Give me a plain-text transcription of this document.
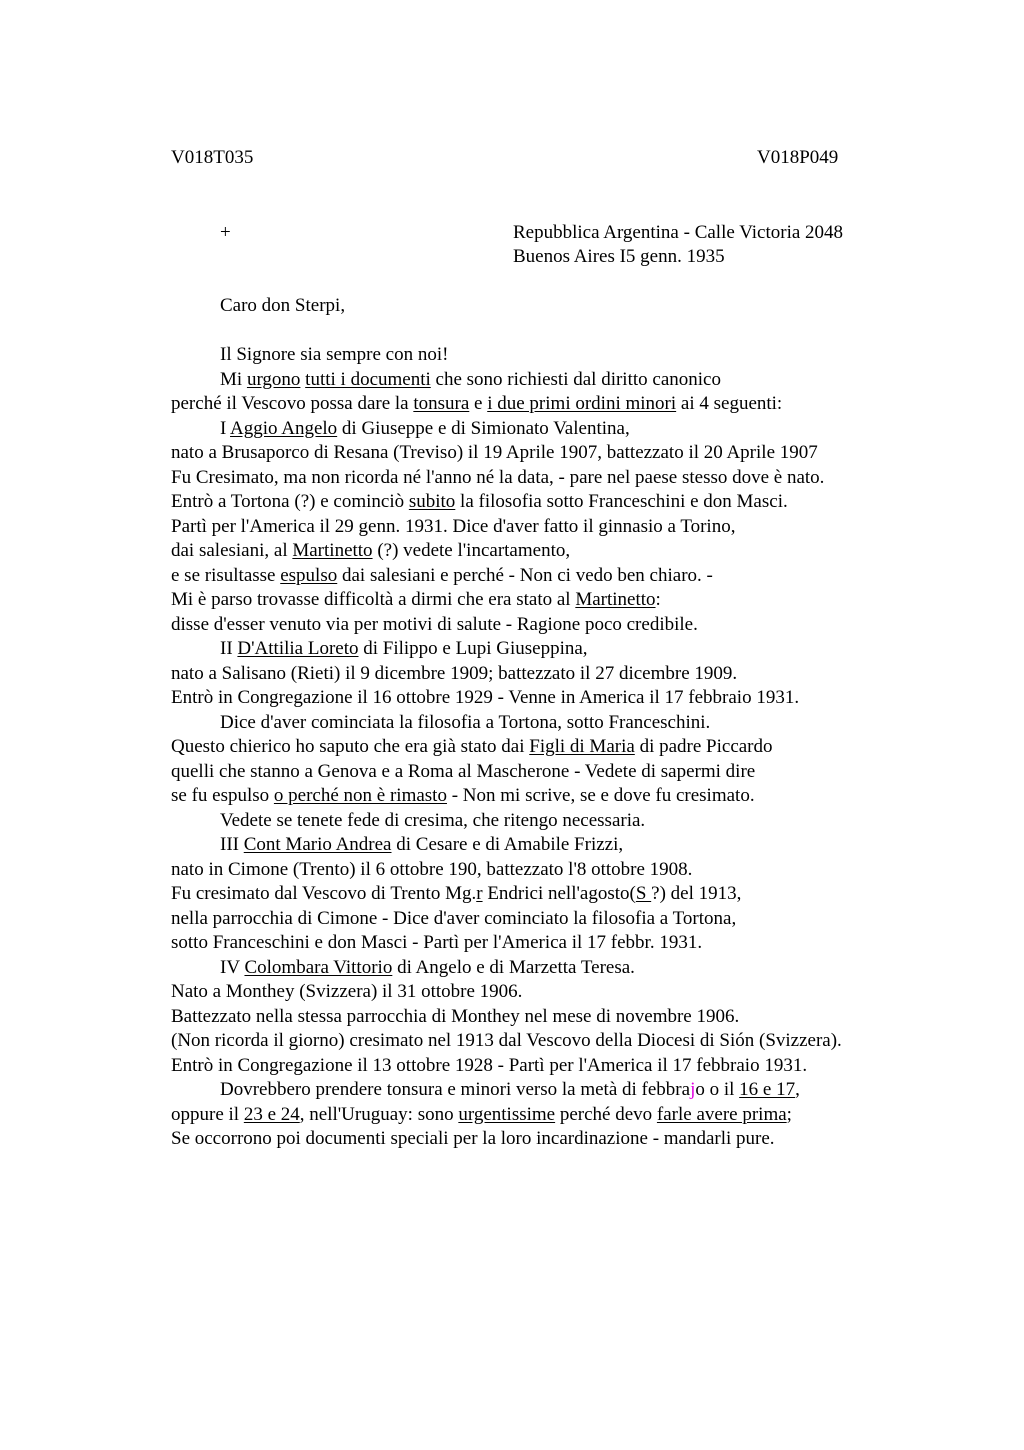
V018T035	V018P049
+	Repubblica Argentina - Calle Victoria 2048
Buenos Aires I5 genn. 1935
Caro don Sterpi,
Il Signore sia sempre con noi!
Mi urgono tutti i documenti che sono richiesti dal diritto canonico
perché il Vescovo possa dare la tonsura e i due primi ordini minori ai 4 seguenti:
I Aggio Angelo di Giuseppe e di Simionato Valentina,
nato a Brusaporco di Resana (Treviso) il 19 Aprile 1907, battezzato il 20 Aprile 1907
Fu Cresimato, ma non ricorda né l'anno né la data, - pare nel paese stesso dove è nato.
Entrò a Tortona (?) e cominciò subito la filosofia sotto Franceschini e don Masci.
Partì per l'America il 29 genn. 1931. Dice d'aver fatto il ginnasio a Torino,
dai salesiani, al Martinetto (?) vedete l'incartamento,
e se risultasse espulso dai salesiani e perché - Non ci vedo ben chiaro. -
Mi è parso trovasse difficoltà a dirmi che era stato al Martinetto:
disse d'esser venuto via per motivi di salute - Ragione poco credibile.
II D'Attilia Loreto di Filippo e Lupi Giuseppina,
nato a Salisano (Rieti) il 9 dicembre 1909; battezzato il 27 dicembre 1909.
Entrò in Congregazione il 16 ottobre 1929 - Venne in America il 17 febbraio 1931.
Dice d'aver cominciata la filosofia a Tortona, sotto Franceschini.
Questo chierico ho saputo che era già stato dai Figli di Maria di padre Piccardo
quelli che stanno a Genova e a Roma al Mascherone - Vedete di sapermi dire
se fu espulso o perché non è rimasto - Non mi scrive, se e dove fu cresimato.
Vedete se tenete fede di cresima, che ritengo necessaria.
III Cont Mario Andrea di Cesare e di Amabile Frizzi,
nato in Cimone (Trento) il 6 ottobre 190, battezzato l'8 ottobre 1908.
Fu cresimato dal Vescovo di Trento Mg.r Endrici nell'agosto(S ?) del 1913,
nella parrocchia di Cimone - Dice d'aver cominciato la filosofia a Tortona,
sotto Franceschini e don Masci - Partì per l'America il 17 febbr. 1931.
IV Colombara Vittorio di Angelo e di Marzetta Teresa.
Nato a Monthey (Svizzera) il 31 ottobre 1906.
Battezzato nella stessa parrocchia di Monthey nel mese di novembre 1906.
(Non ricorda il giorno) cresimato nel 1913 dal Vescovo della Diocesi di Sión (Svizzera).
Entrò in Congregazione il 13 ottobre 1928 - Partì per l'America il 17 febbraio 1931.
Dovrebbero prendere tonsura e minori verso la metà di febbrajo o il 16 e 17,
oppure il 23 e 24, nell'Uruguay: sono urgentissime perché devo farle avere prima;
Se occorrono poi documenti speciali per la loro incardinazione - mandarli pure.
